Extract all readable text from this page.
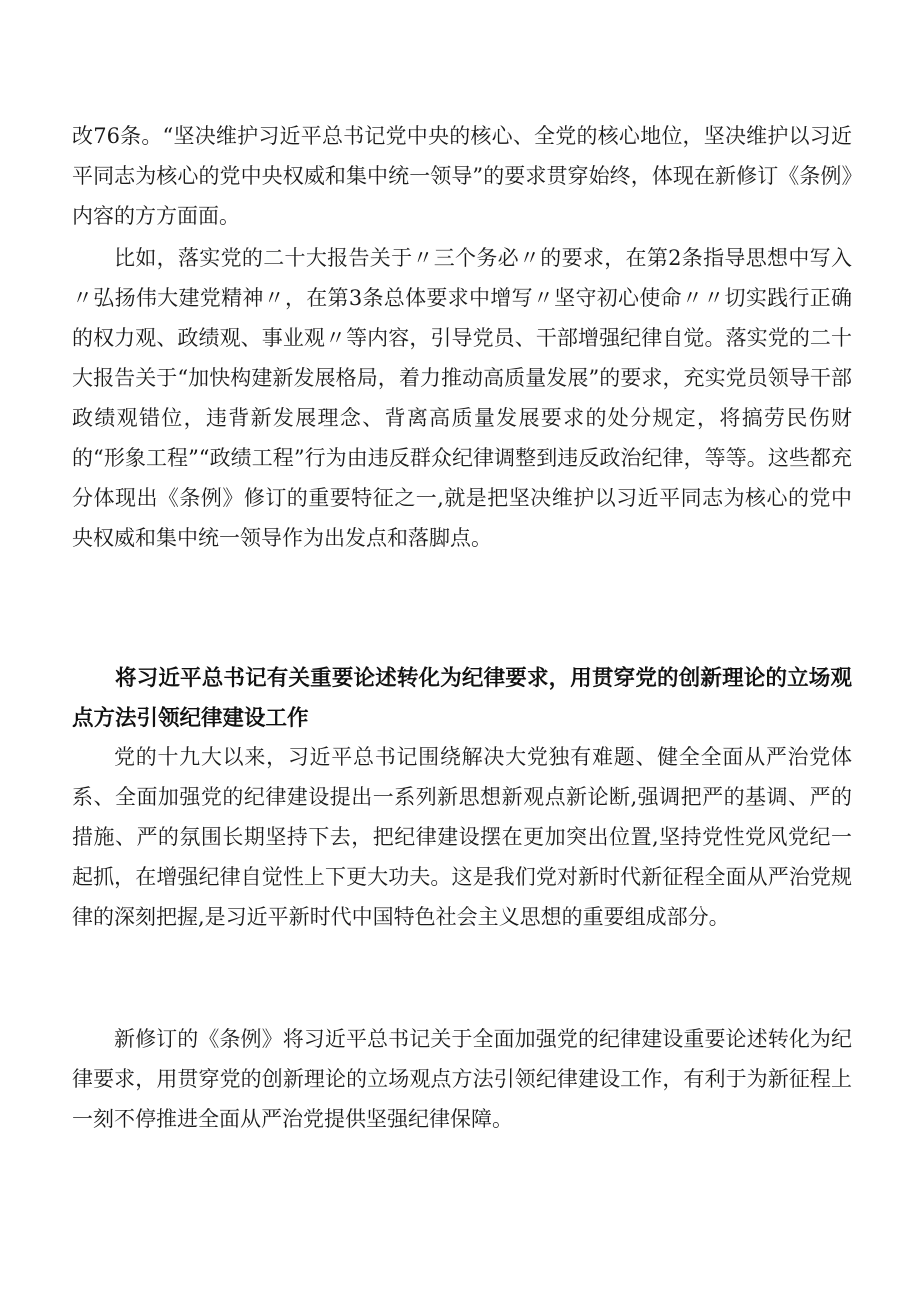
改76条。“坚决维护习近平总书记党中央的核心、全党的核心地位，坚决维护以习近平同志为核心的党中央权威和集中统一领导”的要求贯穿始终，体现在新修订《条例》内容的方方面面。

比如，落实党的二十大报告关于〃三个务必〃的要求，在第2条指导思想中写入〃弘扬伟大建党精神〃，在第3条总体要求中增写〃坚守初心使命〃〃切实践行正确的权力观、政绩观、事业观〃等内容，引导党员、干部增强纪律自觉。落实党的二十大报告关于“加快构建新发展格局，着力推动高质量发展”的要求，充实党员领导干部政绩观错位，违背新发展理念、背离高质量发展要求的处分规定，将搞劳民伤财的“形象工程”“政绩工程”行为由违反群众纪律调整到违反政治纪律，等等。这些都充分体现出《条例》修订的重要特征之一,就是把坚决维护以习近平同志为核心的党中央权威和集中统一领导作为出发点和落脚点。

将习近平总书记有关重要论述转化为纪律要求，用贯穿党的创新理论的立场观点方法引领纪律建设工作

党的十九大以来，习近平总书记围绕解决大党独有难题、健全全面从严治党体系、全面加强党的纪律建设提出一系列新思想新观点新论断,强调把严的基调、严的措施、严的氛围长期坚持下去，把纪律建设摆在更加突出位置,坚持党性党风党纪一起抓，在增强纪律自觉性上下更大功夫。这是我们党对新时代新征程全面从严治党规律的深刻把握,是习近平新时代中国特色社会主义思想的重要组成部分。

新修订的《条例》将习近平总书记关于全面加强党的纪律建设重要论述转化为纪律要求，用贯穿党的创新理论的立场观点方法引领纪律建设工作，有利于为新征程上一刻不停推进全面从严治党提供坚强纪律保障。
